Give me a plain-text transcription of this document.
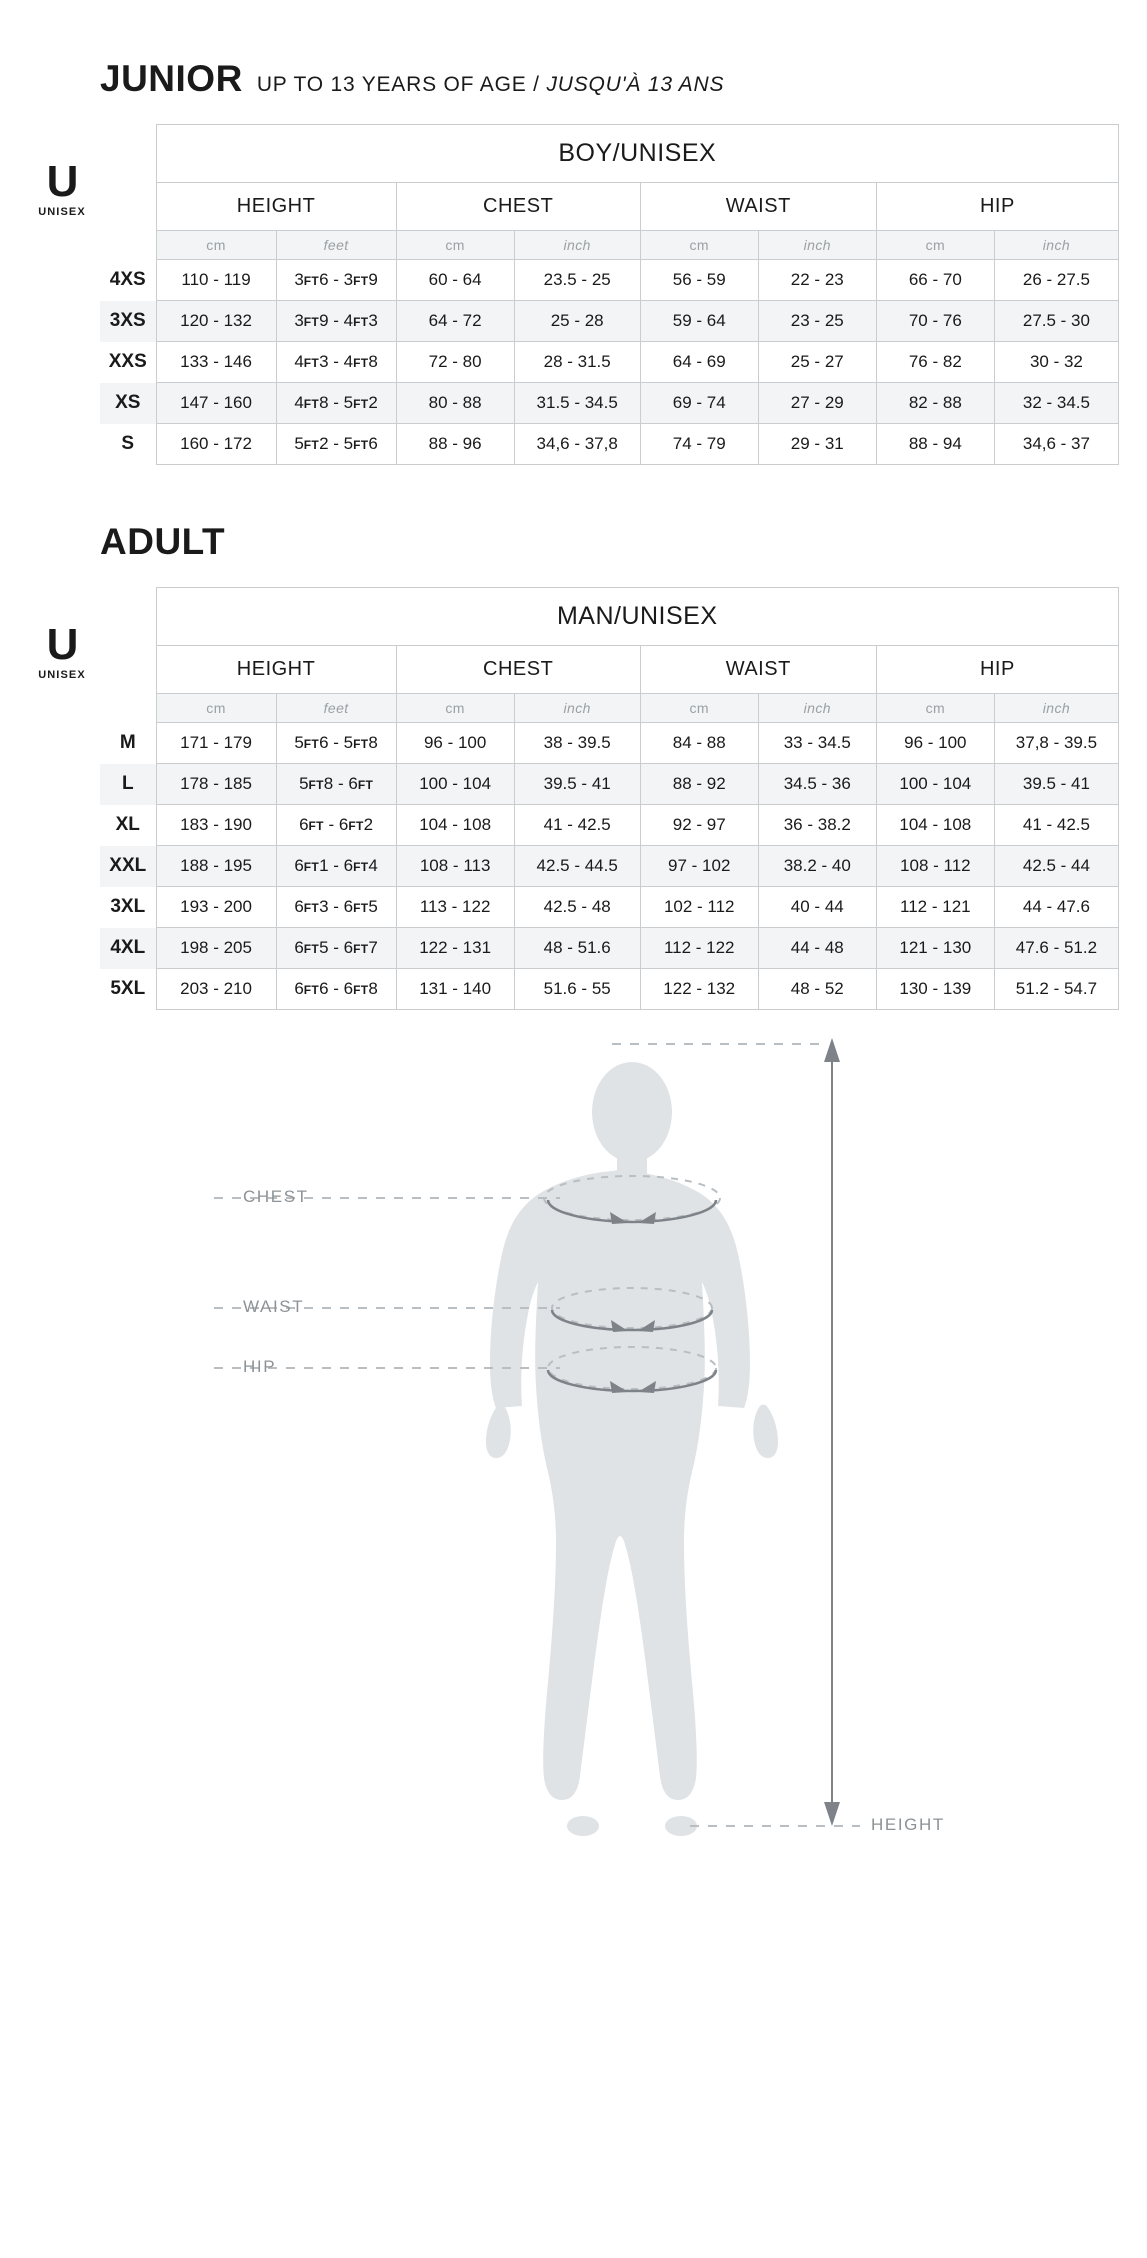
JUNIOR UP TO 13 YEARS OF AGE / JUSQU'À 13 ANS
U
UNISEX
	BOY/UNISEX							
	HEIGHT		CHEST		WAIST		HIP	
	cm	feet	cm	inch	cm	inch	cm	inch
4XS	110 - 119	3FT6 - 3FT9	60 - 64	23.5 - 25	56 - 59	22 - 23	66 - 70	26 - 27.5
3XS	120 - 132	3FT9 - 4FT3	64 - 72	25 - 28	59 - 64	23 - 25	70 - 76	27.5 - 30
XXS	133 - 146	4FT3 - 4FT8	72 - 80	28 - 31.5	64 - 69	25 - 27	76 - 82	30 - 32
XS	147 - 160	4FT8 - 5FT2	80 - 88	31.5 - 34.5	69 - 74	27 - 29	82 - 88	32 - 34.5
S	160 - 172	5FT2 - 5FT6	88 - 96	34,6 - 37,8	74 - 79	29 - 31	88 - 94	34,6 - 37
ADULT
U
UNISEX
	MAN/UNISEX							
	HEIGHT		CHEST		WAIST		HIP	
	cm	feet	cm	inch	cm	inch	cm	inch
M	171 - 179	5FT6 - 5FT8	96 - 100	38 - 39.5	84 - 88	33 - 34.5	96 - 100	37,8 - 39.5
L	178 - 185	5FT8 - 6FT	100 - 104	39.5 - 41	88 - 92	34.5 - 36	100 - 104	39.5 - 41
XL	183 - 190	6FT - 6FT2	104 - 108	41 - 42.5	92 - 97	36 - 38.2	104 - 108	41 - 42.5
XXL	188 - 195	6FT1 - 6FT4	108 - 113	42.5 - 44.5	97 - 102	38.2 - 40	108 - 112	42.5 - 44
3XL	193 - 200	6FT3 - 6FT5	113 - 122	42.5 - 48	102 - 112	40 - 44	112 - 121	44 - 47.6
4XL	198 - 205	6FT5 - 6FT7	122 - 131	48 - 51.6	112 - 122	44 - 48	121 - 130	47.6 - 51.2
5XL	203 - 210	6FT6 - 6FT8	131 - 140	51.6 - 55	122 - 132	48 - 52	130 - 139	51.2 - 54.7
CHEST
WAIST
HIP
HEIGHT
